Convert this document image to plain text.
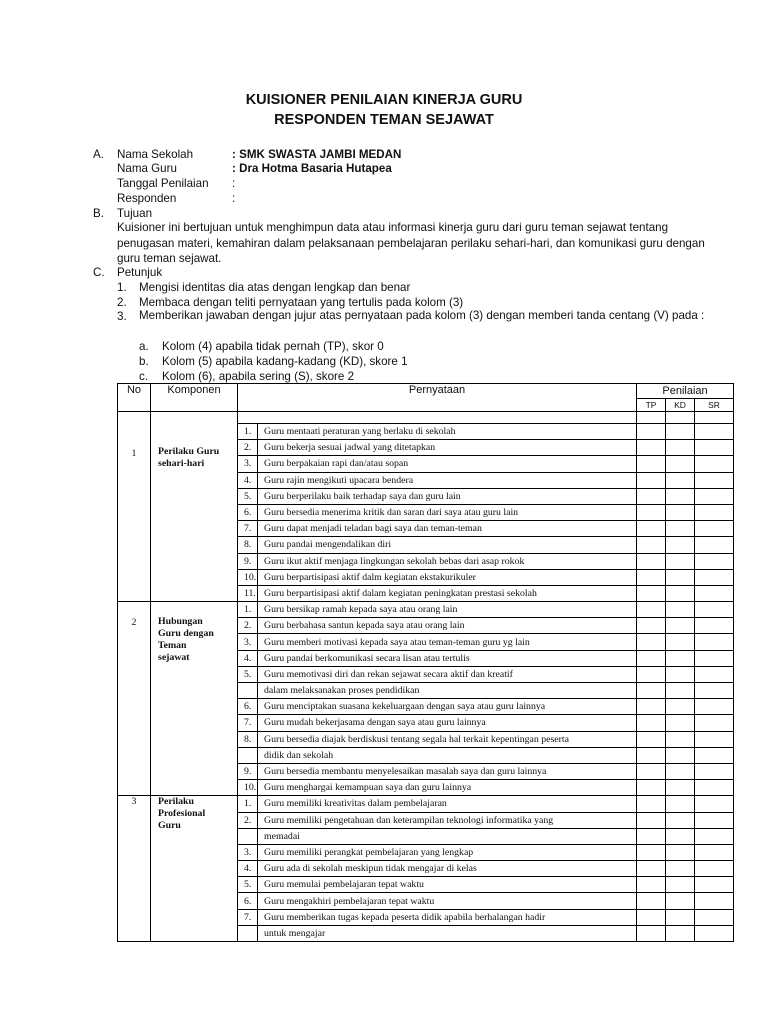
KUISIONER PENILAIAN KINERJA GURU
RESPONDEN TEMAN SEJAWAT
A. Nama Sekolah	: SMK SWASTA JAMBI MEDAN
Nama Guru	: Dra Hotma Basaria Hutapea
Tanggal Penilaian :
Responden	:
B. Tujuan
Kuisioner ini bertujuan untuk menghimpun data atau informasi kinerja guru dari guru teman sejawat tentang penugasan materi, kemahiran dalam pelaksanaan pembelajaran perilaku sehari-hari, dan komunikasi guru dengan guru teman sejawat.
C. Petunjuk
1. Mengisi identitas dia atas dengan lengkap dan benar
2. Membaca dengan teliti pernyataan yang tertulis pada kolom (3)
3. Memberikan jawaban dengan jujur atas pernyataan pada kolom (3) dengan memberi tanda centang (V) pada :
a. Kolom (4) apabila tidak pernah (TP), skor 0
b. Kolom (5) apabila kadang-kadang (KD), skore 1
c. Kolom (6), apabila sering (S), skore 2
No	Komponen	Pernyataan		Penilaian		
				TP	KD	SR

1	Perilaku Guru
sehari-hari					

		1.	Guru mentaati peraturan yang berlaku di sekolah			
		2.	Guru bekerja sesuai jadwal yang ditetapkan			
		3.	Guru berpakaian rapi dan/atau sopan			
		4.	Guru rajin mengikuti upacara bendera			
		5.	Guru berperilaku baik terhadap saya dan guru lain			
		6.	Guru bersedia menerima kritik dan saran dari saya atau guru lain			
		7.	Guru dapat menjadi teladan bagi saya dan teman-teman			
		8.	Guru pandai mengendalikan diri			
		9.	Guru ikut aktif menjaga lingkungan sekolah bebas dari asap rokok			
		10.	Guru berpartisipasi aktif dalm kegiatan ekstakurikuler			
		11.	Guru berpartisipasi aktif dalam kegiatan peningkatan prestasi sekolah			

2	Hubungan
Guru dengan
Teman
sejawat	1.	Guru bersikap ramah kepada saya atau orang lain			
		2.	Guru berbahasa santun kepada saya atau orang lain			
		3.	Guru memberi motivasi kepada saya atau teman-teman guru yg lain			
		4.	Guru pandai berkomunikasi secara lisan atau tertulis			
		5.	Guru memotivasi diri dan rekan sejawat secara aktif dan kreatif			
			dalam melaksanakan proses pendidikan			
		6.	Guru menciptakan suasana kekeluargaan dengan saya atau guru lainnya			
		7.	Guru mudah bekerjasama dengan saya atau guru lainnya			
		8.	Guru bersedia diajak berdiskusi tentang segala hal terkait kepentingan peserta			
			didik dan sekolah			
		9.	Guru bersedia membantu menyelesaikan masalah saya dan guru lainnya			
		10.	Guru menghargai kemampuan saya dan guru lainnya			

3	Perilaku
Profesional
Guru	1.	Guru memiliki kreativitas dalam pembelajaran			
		2.	Guru memiliki pengetahuan dan keterampilan teknologi informatika yang			
			memadai			
		3.	Guru memiliki perangkat pembelajaran yang lengkap			
		4.	Guru ada di sekolah meskipun tidak mengajar di kelas			
		5.	Guru memulai pembelajaran tepat waktu			
		6.	Guru mengakhiri pembelajaran tepat waktu			
		7.	Guru memberikan tugas kepada peserta didik apabila berhalangan hadir			
			untuk mengajar			
